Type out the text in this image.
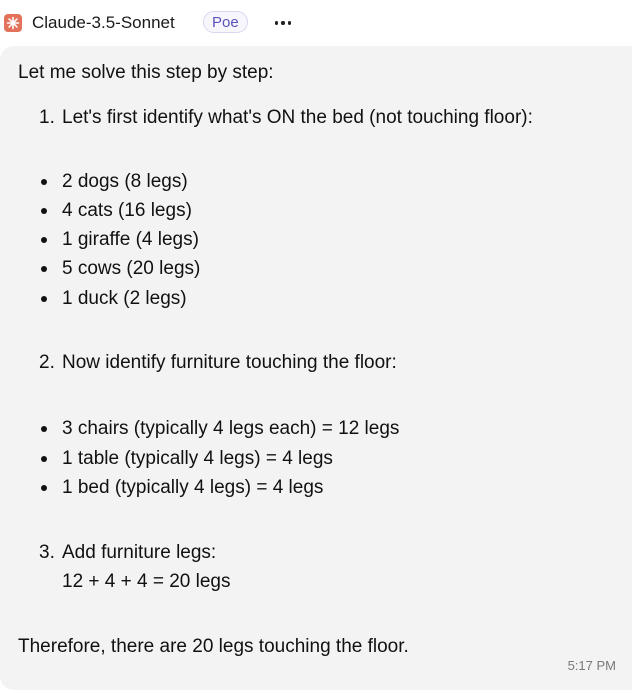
Claude-3.5-Sonnet	Poe
Let me solve this step by step:
1. Let's first identify what's ON the bed (not touching floor):
2 dogs (8 legs)
4 cats (16 legs)
1 giraffe (4 legs)
5 cows (20 legs)
1 duck (2 legs)
2. Now identify furniture touching the floor:
3 chairs (typically 4 legs each) = 12 legs
1 table (typically 4 legs) = 4 legs
1 bed (typically 4 legs) = 4 legs
3. Add furniture legs:
12 + 4 + 4 = 20 legs
Therefore, there are 20 legs touching the floor.
5:17 PM
